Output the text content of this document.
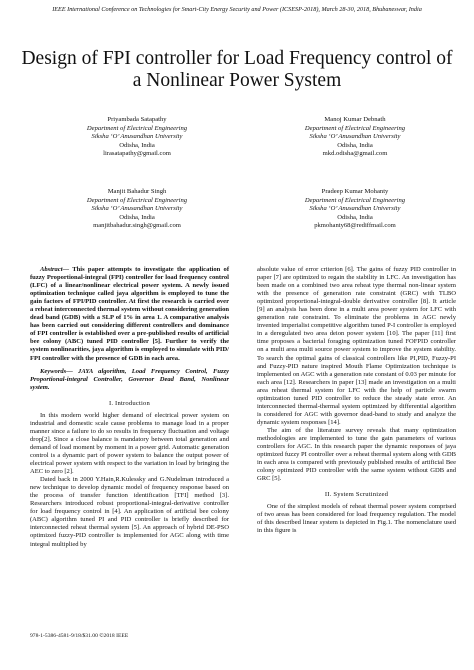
IEEE International Conference on Technologies for Smart-City Energy Security and Power (ICSESP-2018), March 28-30, 2018, Bhubaneswar, India
Design of FPI controller for Load Frequency control of a Nonlinear Power System
Priyambada Satapathy
Department of Electrical Engineering
Siksha ‘O’ Anusandhan University
Odisha, India
lirasatapathy@gmail.com
Manoj Kumar Debnath
Department of Electrical Engineering
Siksha ‘O’ Anusandhan University
Odisha, India
mkd.odisha@gmail.com
Manjit Bahadur Singh
Department of Electrical Engineering
Siksha ‘O’ Anusandhan University
Odisha, India
manjitbahadur.singh@gmail.com
Pradeep Kumar Mohanty
Department of Electrical Engineering
Siksha ‘O’ Anusandhan University
Odisha, India
pkmohanty68@rediffmail.com

Abstract— This paper attempts to investigate the application of fuzzy Proportional-integral (FPI) controller for load frequency control (LFC) of a linear/nonlinear electrical power system. A newly issued optimization technique called jaya algorithm is employed to tune the gain factors of FPI/PID controller. At first the research is carried over a reheat interconnected thermal system without considering generation dead band (GDB) with a SLP of 1% in area 1. A comparative analysis has been carried out considering different controllers and dominance of FPI controller is established over a pre-published results of artificial bee colony (ABC) tuned PID controller [5]. Further to verify the system nonlinearities, jaya algorithm is employed to simulate with PID/ FPI controller with the presence of GDB in each area.

Keywords— JAYA algorithm, Load Frequency Control, Fuzzy Proportional-integral Controller, Governor Dead Band, Nonlinear system.

I. Introduction

In this modern world higher demand of electrical power system on industrial and domestic scale cause problems to manage load in a proper manner since a failure to do so results in frequency fluctuation and voltage drop[2]. Since a close balance is mandatory between total generation and demand of load moment by moment in a power grid. Automatic generation control is a dynamic part of power system to balance the output power of electrical power system with respect to the variation in load by bringing the AEC to zero [2].

Dated back in 2000 Y.Hain,R.Kulessky and G.Nudelman introduced a new technique to develop dynamic model of frequency response based on the process of transfer function identification [TFI] method [3]. Researchers introduced robust proportional-integral-derivative controller for load frequency control in [4]. An application of artificial bee colony (ABC) algorithm tuned PI and PID controller is briefly described for interconnected reheat thermal system [5]. An approach of hybrid DE-PSO optimized fuzzy-PID controller is implemented for AGC along with time integral multiplied by

absolute value of error criterion [6]. The gains of fuzzy PID controller in paper [7] are optimized to regain the stability in LFC. An investigation has been made on a combined two area reheat type thermal non-linear system with the presence of generation rate constraint (GRC) with TLBO optimized proportional-integral-double derivative controller [8]. It article [9] an analysis has been done in a multi area power system for LFC with generation rate constraint. To eliminate the problems in AGC newly invented imperialist competitive algorithm tuned P-I controller is employed in a deregulated two area deion power system [10]. The paper [11] first time proposes a bacterial foraging optimization tuned FOFPID controller on a multi area multi source power system to improve the system stability. To search the optimal gains of classical controllers like PI,PID, Fuzzy-PI and Fuzzy-PID nature inspired Mouth Flame Optimization technique is implemented on AGC with a generation rate constant of 0.03 per minute for each area [12]. Researchers in paper [13] made an investigation on a multi area reheat thermal system for LFC with the help of particle swarm optimization tuned PID controller to reduce the steady state error. An interconnected thermal-thermal system optimized by differential algorithm is considered for AGC with governor dead-band to study and analyze the dynamic system responses [14].

The aim of the literature survey reveals that many optimization methodologies are implemented to tune the gain parameters of various controllers for AGC. In this research paper the dynamic responses of jaya optimized fuzzy PI controller over a reheat thermal system along with GDB in each area is compared with previously published results of artificial Bee colony optimized PID controller with the same system without GDB and GRC [5].

II. System Scrutinized

One of the simplest models of reheat thermal power system comprised of two areas has been considered for load frequency regulation. The model of this described linear system is depicted in Fig.1. The nomenclature used in this figure is

978-1-5386-4581-9/18/$31.00 ©2018 IEEE
